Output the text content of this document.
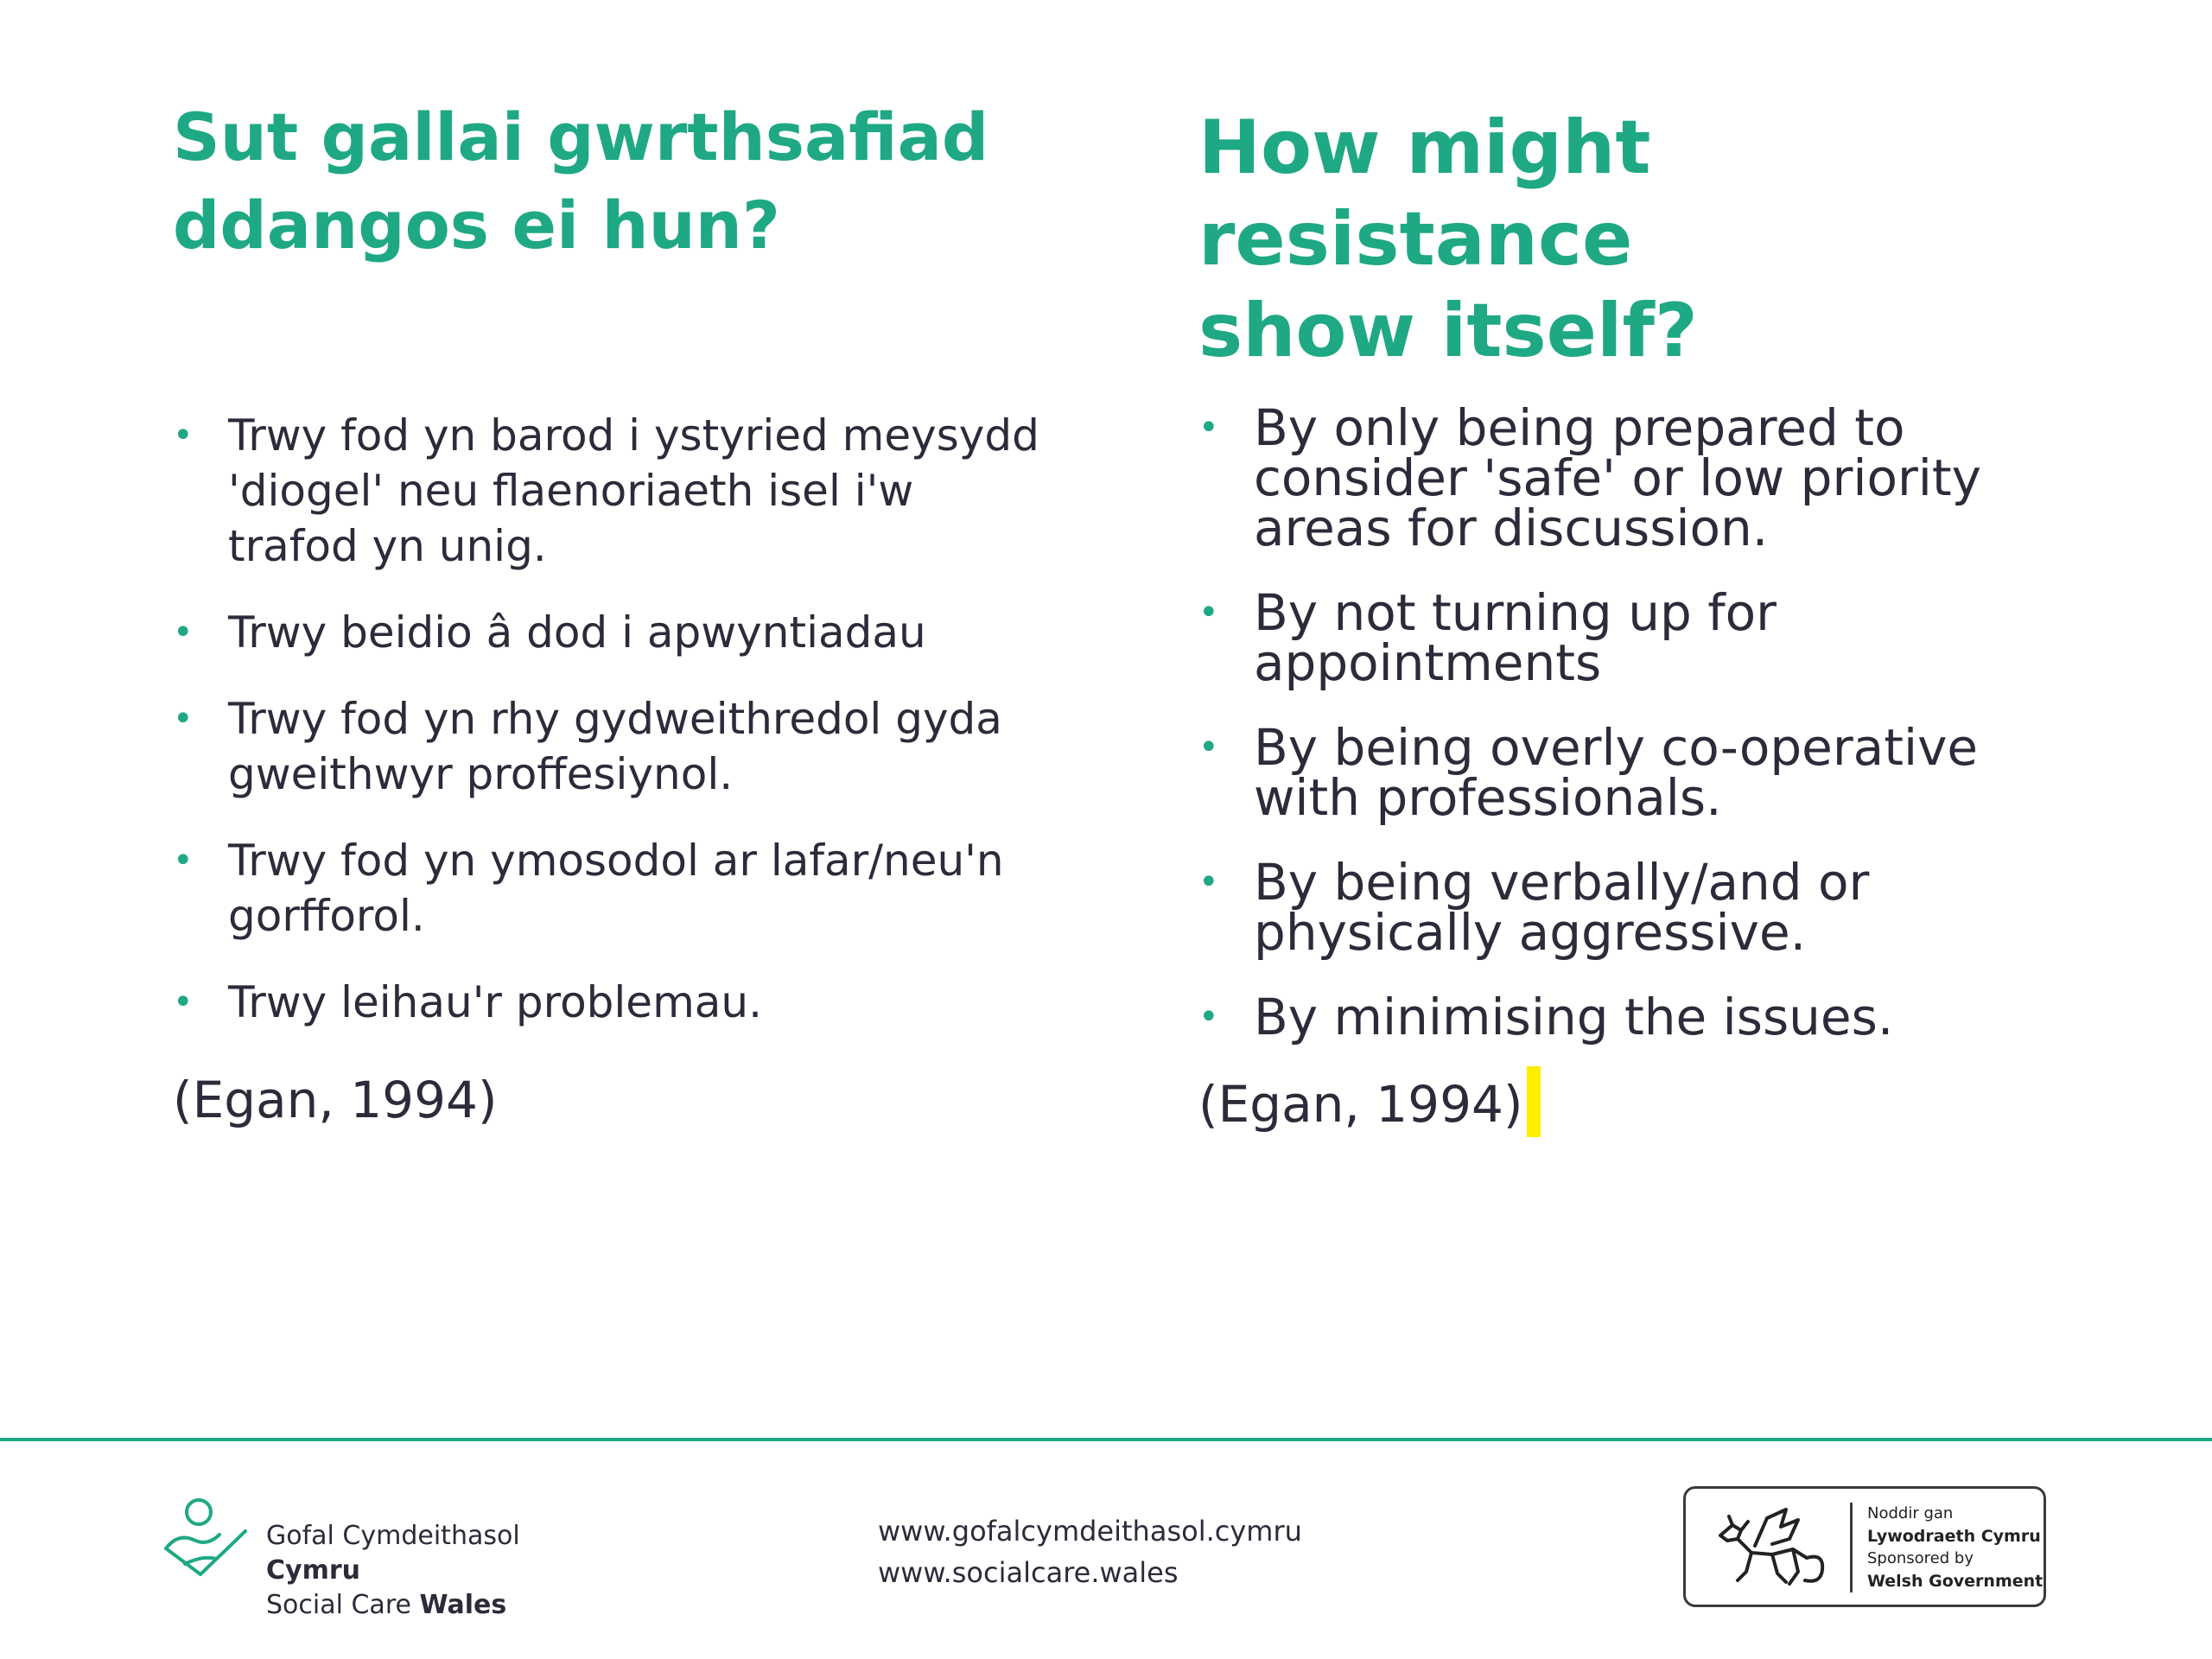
Sut gallai gwrthsafiad
ddangos ei hun?
• Trwy fod yn barod i ystyried meysydd 'diogel' neu flaenoriaeth isel i'w trafod yn unig.
• Trwy beidio â dod i apwyntiadau
• Trwy fod yn rhy gydweithredol gyda gweithwyr proffesiynol.
• Trwy fod yn ymosodol ar lafar/neu'n gorfforol.
• Trwy leihau'r problemau.

(Egan, 1994)

How might resistance
show itself?
• By only being prepared to consider 'safe' or low priority areas for discussion.
• By not turning up for appointments
• By being overly co-operative with professionals.
• By being verbally/and or physically aggressive.
• By minimising the issues.

(Egan, 1994)

Gofal Cymdeithasol Cymru
Social Care Wales
www.gofalcymdeithasol.cymru
www.socialcare.wales
Noddir gan
Lywodraeth Cymru
Sponsored by
Welsh Government
